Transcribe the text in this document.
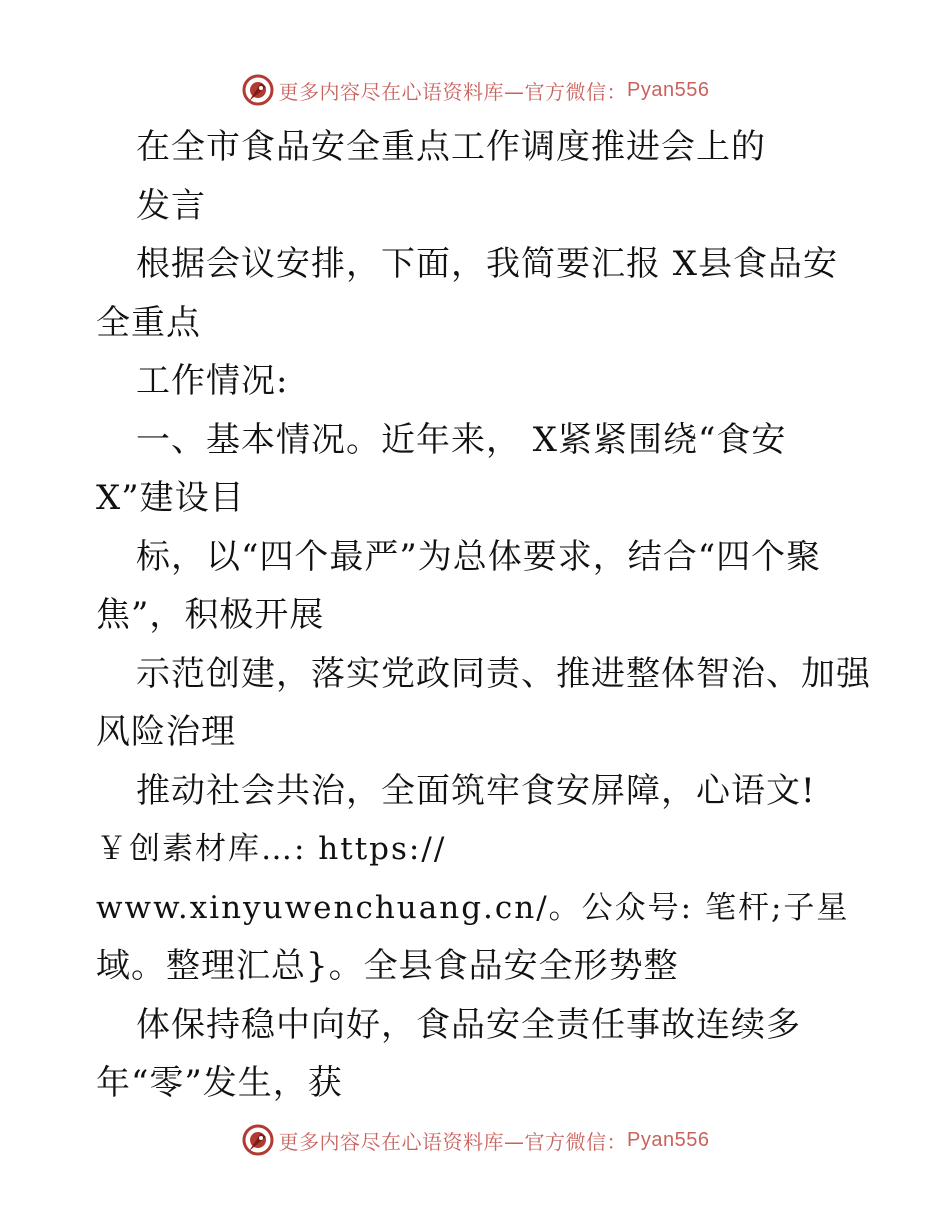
更多内容尽在心语资料库—官方微信： Pyan556
在全市食品安全重点工作调度推进会上的
发言
根据会议安排，下面，我简要汇报 X县食品安
全重点
工作情况:
一、基本情况。近年来， X紧紧围绕“食安
X”建设目
标，以“四个最严”为总体要求，结合“四个聚
焦”，积极开展
示范创建，落实党政同责、推进整体智治、加强
风险治理
推动社会共治，全面筑牢食安屏障，心语文!
￥创素材库…: https://
www.xinyuwenchuang.cn/。公众号: 笔杆;子星
域。整理汇总}。全县食品安全形势整
体保持稳中向好，食品安全责任事故连续多
年“零”发生，获
更多内容尽在心语资料库—官方微信： Pyan556
